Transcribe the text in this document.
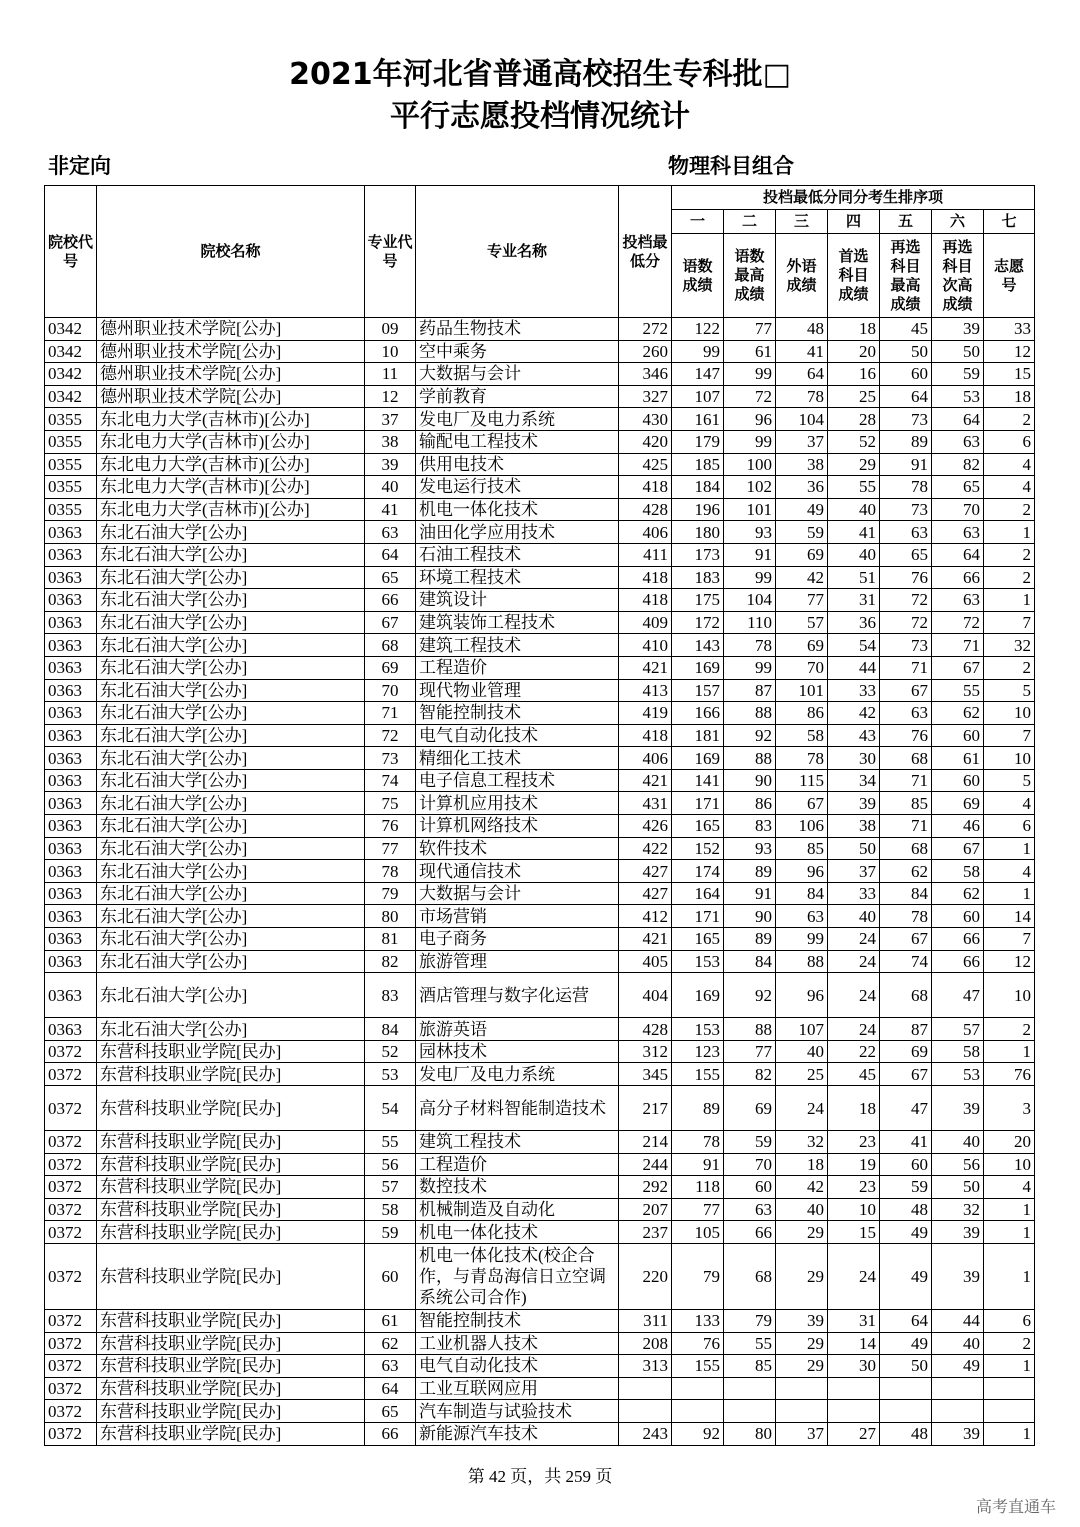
2021年河北省普通高校招生专科批□
平行志愿投档情况统计
非定向	物理科目组合
院校代号	院校名称	专业代号	专业名称	投档最低分	投档最低分同分考生排序项						
					一	二	三	四	五	六	七
					语数成绩	语数最高成绩	外语成绩	首选科目成绩	再选科目最高成绩	再选科目次高成绩	志愿号
0342	德州职业技术学院[公办]	09	药品生物技术	272	122	77	48	18	45	39	33
0342	德州职业技术学院[公办]	10	空中乘务	260	99	61	41	20	50	50	12
0342	德州职业技术学院[公办]	11	大数据与会计	346	147	99	64	16	60	59	15
0342	德州职业技术学院[公办]	12	学前教育	327	107	72	78	25	64	53	18
0355	东北电力大学(吉林市)[公办]	37	发电厂及电力系统	430	161	96	104	28	73	64	2
0355	东北电力大学(吉林市)[公办]	38	输配电工程技术	420	179	99	37	52	89	63	6
0355	东北电力大学(吉林市)[公办]	39	供用电技术	425	185	100	38	29	91	82	4
0355	东北电力大学(吉林市)[公办]	40	发电运行技术	418	184	102	36	55	78	65	4
0355	东北电力大学(吉林市)[公办]	41	机电一体化技术	428	196	101	49	40	73	70	2
0363	东北石油大学[公办]	63	油田化学应用技术	406	180	93	59	41	63	63	1
0363	东北石油大学[公办]	64	石油工程技术	411	173	91	69	40	65	64	2
0363	东北石油大学[公办]	65	环境工程技术	418	183	99	42	51	76	66	2
0363	东北石油大学[公办]	66	建筑设计	418	175	104	77	31	72	63	1
0363	东北石油大学[公办]	67	建筑装饰工程技术	409	172	110	57	36	72	72	7
0363	东北石油大学[公办]	68	建筑工程技术	410	143	78	69	54	73	71	32
0363	东北石油大学[公办]	69	工程造价	421	169	99	70	44	71	67	2
0363	东北石油大学[公办]	70	现代物业管理	413	157	87	101	33	67	55	5
0363	东北石油大学[公办]	71	智能控制技术	419	166	88	86	42	63	62	10
0363	东北石油大学[公办]	72	电气自动化技术	418	181	92	58	43	76	60	7
0363	东北石油大学[公办]	73	精细化工技术	406	169	88	78	30	68	61	10
0363	东北石油大学[公办]	74	电子信息工程技术	421	141	90	115	34	71	60	5
0363	东北石油大学[公办]	75	计算机应用技术	431	171	86	67	39	85	69	4
0363	东北石油大学[公办]	76	计算机网络技术	426	165	83	106	38	71	46	6
0363	东北石油大学[公办]	77	软件技术	422	152	93	85	50	68	67	1
0363	东北石油大学[公办]	78	现代通信技术	427	174	89	96	37	62	58	4
0363	东北石油大学[公办]	79	大数据与会计	427	164	91	84	33	84	62	1
0363	东北石油大学[公办]	80	市场营销	412	171	90	63	40	78	60	14
0363	东北石油大学[公办]	81	电子商务	421	165	89	99	24	67	66	7
0363	东北石油大学[公办]	82	旅游管理	405	153	84	88	24	74	66	12
0363	东北石油大学[公办]	83	酒店管理与数字化运营	404	169	92	96	24	68	47	10
0363	东北石油大学[公办]	84	旅游英语	428	153	88	107	24	87	57	2
0372	东营科技职业学院[民办]	52	园林技术	312	123	77	40	22	69	58	1
0372	东营科技职业学院[民办]	53	发电厂及电力系统	345	155	82	25	45	67	53	76
0372	东营科技职业学院[民办]	54	高分子材料智能制造技术	217	89	69	24	18	47	39	3
0372	东营科技职业学院[民办]	55	建筑工程技术	214	78	59	32	23	41	40	20
0372	东营科技职业学院[民办]	56	工程造价	244	91	70	18	19	60	56	10
0372	东营科技职业学院[民办]	57	数控技术	292	118	60	42	23	59	50	4
0372	东营科技职业学院[民办]	58	机械制造及自动化	207	77	63	40	10	48	32	1
0372	东营科技职业学院[民办]	59	机电一体化技术	237	105	66	29	15	49	39	1
0372	东营科技职业学院[民办]	60	机电一体化技术(校企合作，与青岛海信日立空调系统公司合作)	220	79	68	29	24	49	39	1
0372	东营科技职业学院[民办]	61	智能控制技术	311	133	79	39	31	64	44	6
0372	东营科技职业学院[民办]	62	工业机器人技术	208	76	55	29	14	49	40	2
0372	东营科技职业学院[民办]	63	电气自动化技术	313	155	85	29	30	50	49	1
0372	东营科技职业学院[民办]	64	工业互联网应用								
0372	东营科技职业学院[民办]	65	汽车制造与试验技术								
0372	东营科技职业学院[民办]	66	新能源汽车技术	243	92	80	37	27	48	39	1
第 42 页，共 259 页
高考直通车
